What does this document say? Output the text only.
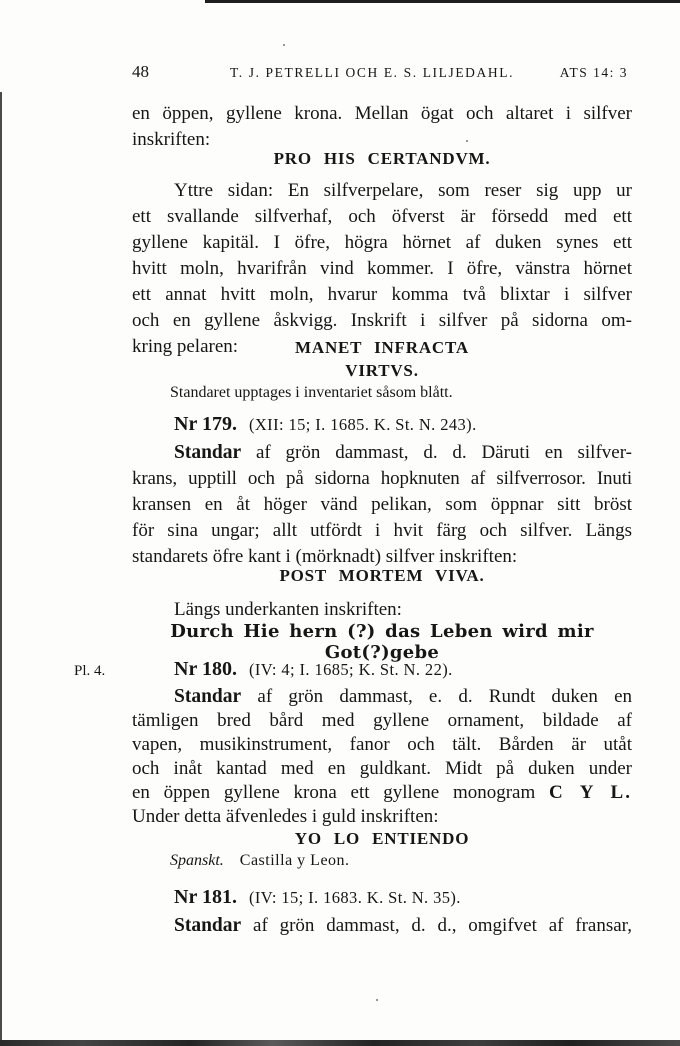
48	T. J. PETRELLI OCH E. S. LILJEDAHL.	ATS 14: 3
en öppen, gyllene krona. Mellan ögat och altaret i silfver
inskriften:
PRO HIS CERTANDVM.
Yttre sidan: En silfverpelare, som reser sig upp ur
ett svallande silfverhaf, och öfverst är försedd med ett
gyllene kapitäl. I öfre, högra hörnet af duken synes ett
hvitt moln, hvarifrån vind kommer. I öfre, vänstra hörnet
ett annat hvitt moln, hvarur komma två blixtar i silfver
och en gyllene åskvigg. Inskrift i silfver på sidorna om-
kring pelaren:	MANET INFRACTA
VIRTVS.
Standaret upptages i inventariet såsom blått.
Nr 179. (XII: 15; I. 1685. K. St. N. 243).
Standar af grön dammast, d. d. Däruti en silfver-
krans, upptill och på sidorna hopknuten af silfverrosor. Inuti
kransen en åt höger vänd pelikan, som öppnar sitt bröst
för sina ungar; allt utfördt i hvit färg och silfver. Längs
standarets öfre kant i (mörknadt) silfver inskriften:
POST MORTEM VIVA.
Längs underkanten inskriften:
Durch Hie hern (?) das Leben wird mir Got(?)gebe
Pl. 4.	Nr 180. (IV: 4; I. 1685; K. St. N. 22).
Standar af grön dammast, e. d. Rundt duken en
tämligen bred bård med gyllene ornament, bildade af
vapen, musikinstrument, fanor och tält. Bården är utåt
och inåt kantad med en guldkant. Midt på duken under
en öppen gyllene krona ett gyllene monogram C Y L.
Under detta äfvenledes i guld inskriften:
YO LO ENTIENDO
Spanskt. Castilla y Leon.
Nr 181. (IV: 15; I. 1683. K. St. N. 35).
Standar af grön dammast, d. d., omgifvet af fransar,
